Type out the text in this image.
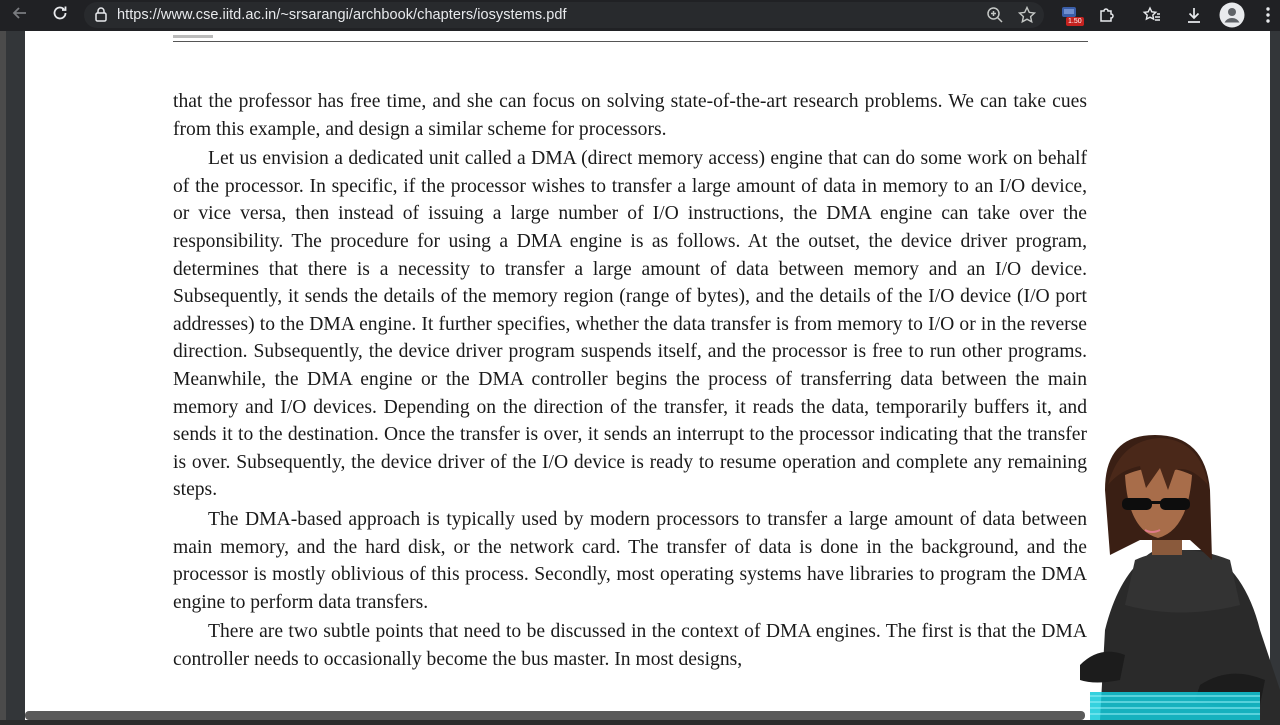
https://www.cse.iitd.ac.in/~srsarangi/archbook/chapters/iosystems.pdf	1.50

that the professor has free time, and she can focus on solving state-of-the-art research problems. We can take cues from this example, and design a similar scheme for processors.

Let us envision a dedicated unit called a DMA (direct memory access) engine that can do some work on behalf of the processor. In specific, if the processor wishes to transfer a large amount of data in memory to an I/O device, or vice versa, then instead of issuing a large number of I/O instructions, the DMA engine can take over the responsibility. The procedure for using a DMA engine is as follows. At the outset, the device driver program, determines that there is a necessity to transfer a large amount of data between memory and an I/O device. Subsequently, it sends the details of the memory region (range of bytes), and the details of the I/O device (I/O port addresses) to the DMA engine. It further specifies, whether the data transfer is from memory to I/O or in the reverse direction. Subsequently, the device driver program suspends itself, and the processor is free to run other programs. Meanwhile, the DMA engine or the DMA controller begins the process of transferring data between the main memory and I/O devices. Depending on the direction of the transfer, it reads the data, temporarily buffers it, and sends it to the destination. Once the transfer is over, it sends an interrupt to the processor indicating that the transfer is over. Subsequently, the device driver of the I/O device is ready to resume operation and complete any remaining steps.

The DMA-based approach is typically used by modern processors to transfer a large amount of data between main memory, and the hard disk, or the network card. The transfer of data is done in the background, and the processor is mostly oblivious of this process. Secondly, most operating systems have libraries to program the DMA engine to perform data transfers.

There are two subtle points that need to be discussed in the context of DMA engines. The first is that the DMA controller needs to occasionally become the bus master. In most designs,
